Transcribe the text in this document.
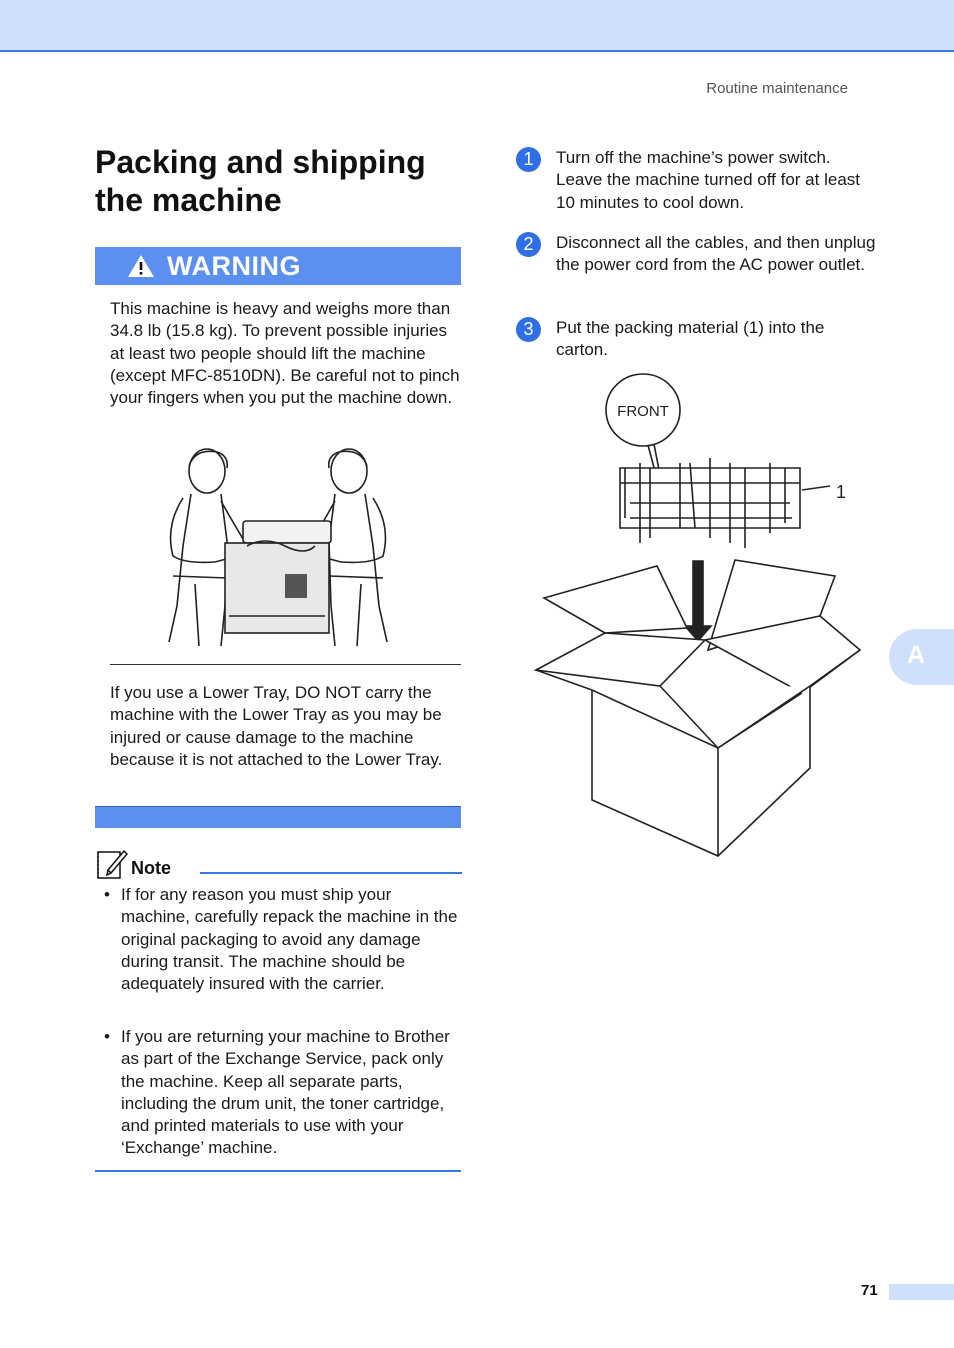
Routine maintenance
Packing and shipping the machine
WARNING

This machine is heavy and weighs more than 34.8 lb (15.8 kg). To prevent possible injuries at least two people should lift the machine (except MFC-8510DN). Be careful not to pinch your fingers when you put the machine down.

If you use a Lower Tray, DO NOT carry the machine with the Lower Tray as you may be injured or cause damage to the machine because it is not attached to the Lower Tray.

Note
• If for any reason you must ship your machine, carefully repack the machine in the original packaging to avoid any damage during transit. The machine should be adequately insured with the carrier.
• If you are returning your machine to Brother as part of the Exchange Service, pack only the machine. Keep all separate parts, including the drum unit, the toner cartridge, and printed materials to use with your ‘Exchange’ machine.
1	Turn off the machine’s power switch. Leave the machine turned off for at least 10 minutes to cool down.
2	Disconnect all the cables, and then unplug the power cord from the AC power outlet.
3	Put the packing material (1) into the carton.
FRONT
1
A
71
